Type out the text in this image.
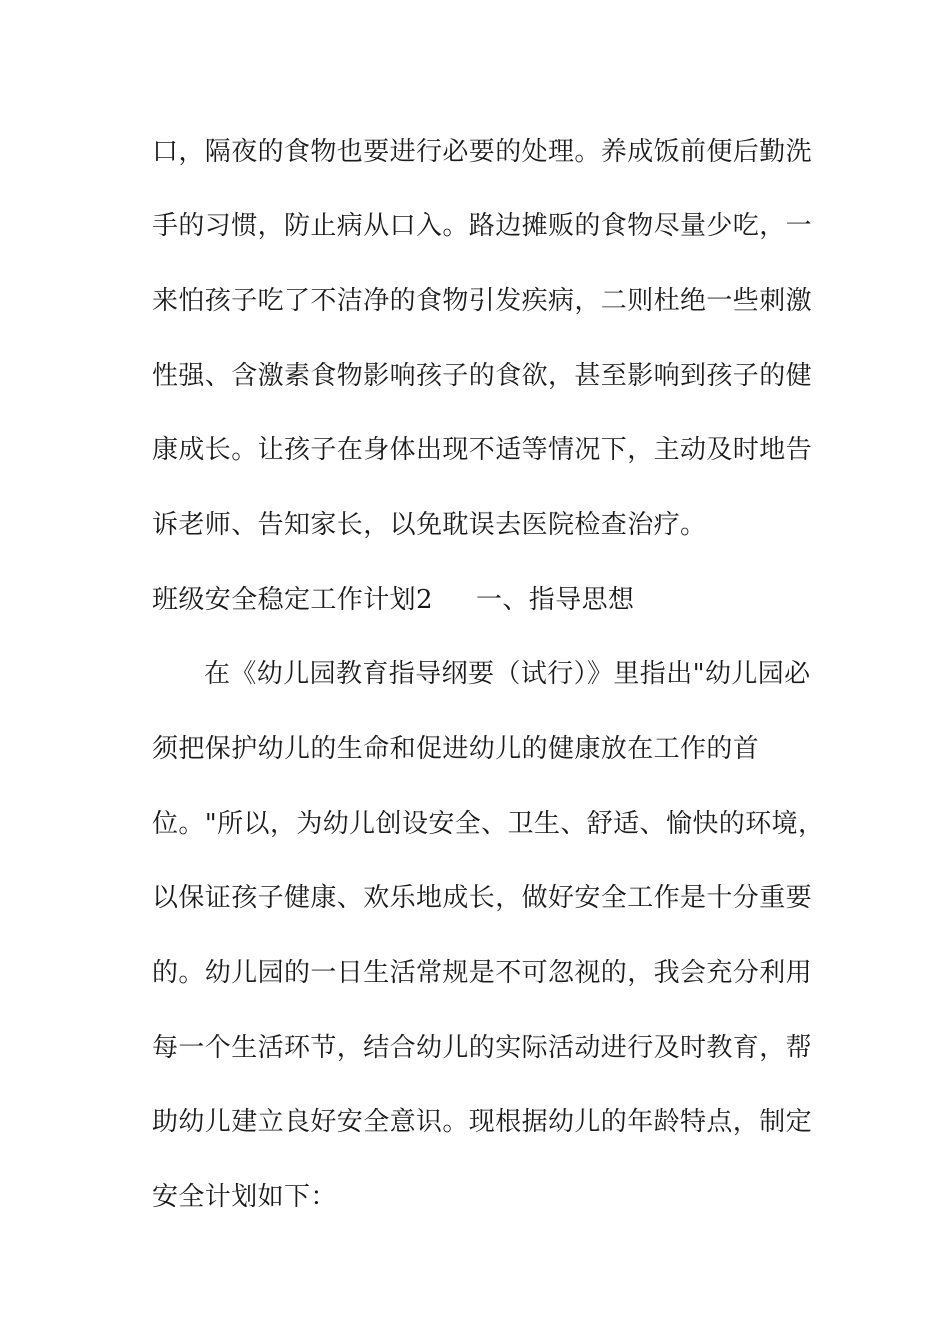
口，隔夜的食物也要进行必要的处理。养成饭前便后勤洗
手的习惯，防止病从口入。路边摊贩的食物尽量少吃，一
来怕孩子吃了不洁净的食物引发疾病，二则杜绝一些刺激
性强、含激素食物影响孩子的食欲，甚至影响到孩子的健
康成长。让孩子在身体出现不适等情况下，主动及时地告
诉老师、告知家长，以免耽误去医院检查治疗。
班级安全稳定工作计划2 一、指导思想
在《幼儿园教育指导纲要（试行）》里指出"幼儿园必
须把保护幼儿的生命和促进幼儿的健康放在工作的首
位。"所以，为幼儿创设安全、卫生、舒适、愉快的环境，
以保证孩子健康、欢乐地成长，做好安全工作是十分重要
的。幼儿园的一日生活常规是不可忽视的，我会充分利用
每一个生活环节，结合幼儿的实际活动进行及时教育，帮
助幼儿建立良好安全意识。现根据幼儿的年龄特点，制定
安全计划如下：
